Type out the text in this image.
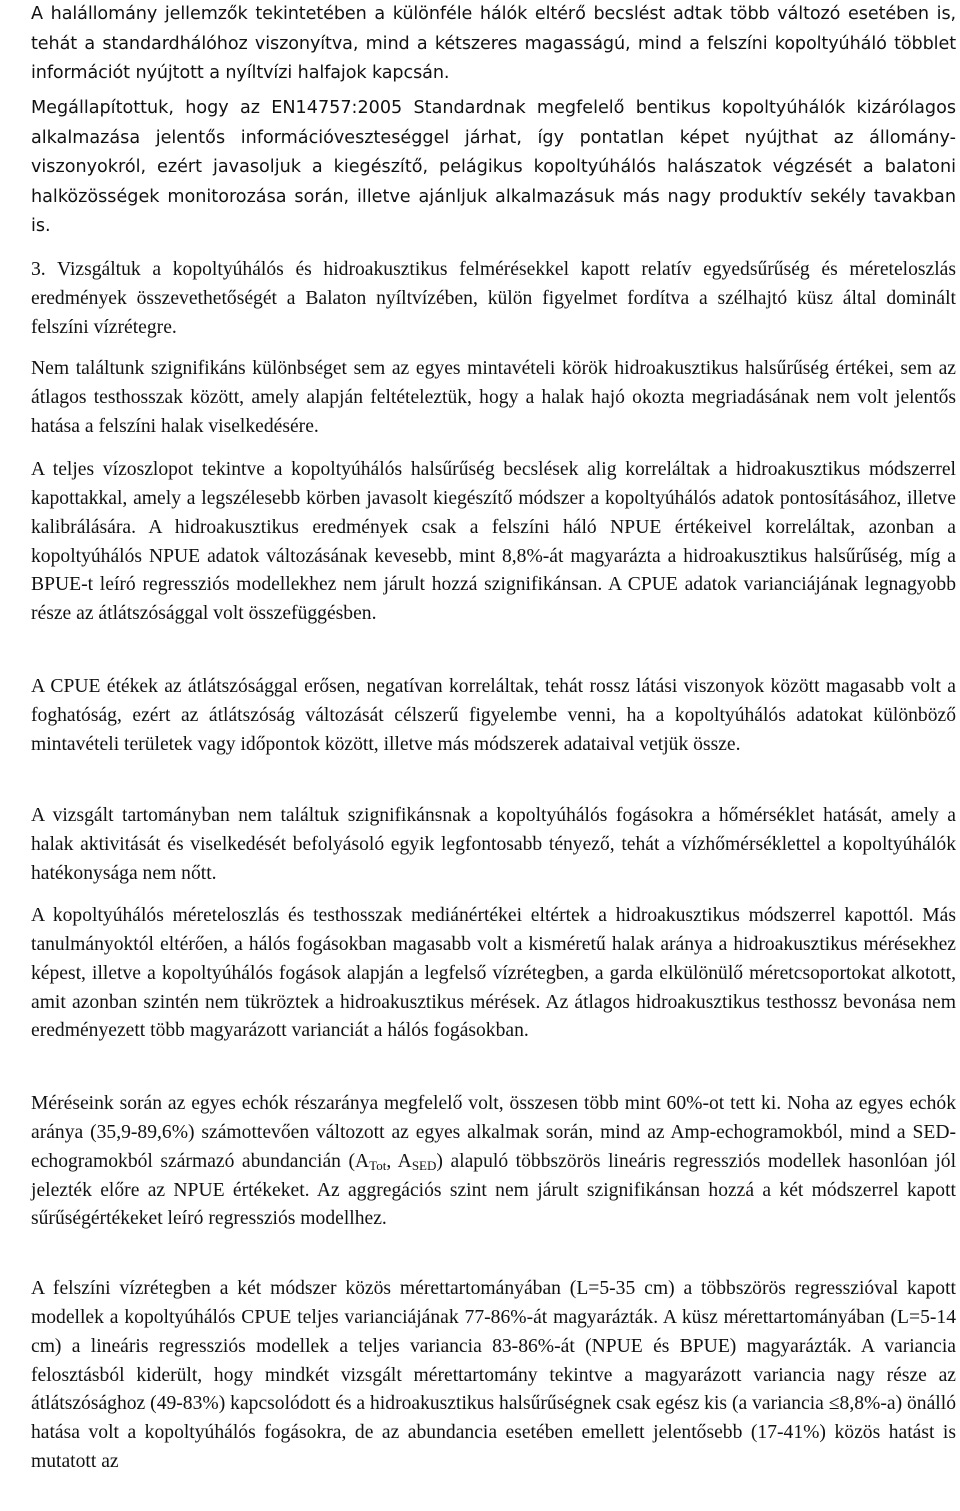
A halállomány jellemzők tekintetében a különféle hálók eltérő becslést adtak több változó esetében is, tehát a standardhálóhoz viszonyítva, mind a kétszeres magasságú, mind a felszíni kopoltyúháló többlet információt nyújtott a nyíltvízi halfajok kapcsán.

Megállapítottuk, hogy az EN14757:2005 Standardnak megfelelő bentikus kopoltyúhálók kizárólagos alkalmazása jelentős információveszteséggel járhat, így pontatlan képet nyújthat az állomány-viszonyokról, ezért javasoljuk a kiegészítő, pelágikus kopoltyúhálós halászatok végzését a balatoni halközösségek monitorozása során, illetve ajánljuk alkalmazásuk más nagy produktív sekély tavakban is.

3. Vizsgáltuk a kopoltyúhálós és hidroakusztikus felmérésekkel kapott relatív egyedsűrűség és méreteloszlás eredmények összevethetőségét a Balaton nyíltvízében, külön figyelmet fordítva a szélhajtó küsz által dominált felszíni vízrétegre.

Nem találtunk szignifikáns különbséget sem az egyes mintavételi körök hidroakusztikus halsűrűség értékei, sem az átlagos testhosszak között, amely alapján feltételeztük, hogy a halak hajó okozta megriadásának nem volt jelentős hatása a felszíni halak viselkedésére.

A teljes vízoszlopot tekintve a kopoltyúhálós halsűrűség becslések alig korreláltak a hidroakusztikus módszerrel kapottakkal, amely a legszélesebb körben javasolt kiegészítő módszer a kopoltyúhálós adatok pontosításához, illetve kalibrálására. A hidroakusztikus eredmények csak a felszíni háló NPUE értékeivel korreláltak, azonban a kopoltyúhálós NPUE adatok változásának kevesebb, mint 8,8%-át magyarázta a hidroakusztikus halsűrűség, míg a BPUE-t leíró regressziós modellekhez nem járult hozzá szignifikánsan. A CPUE adatok varianciájának legnagyobb része az átlátszósággal volt összefüggésben.

A CPUE étékek az átlátszósággal erősen, negatívan korreláltak, tehát rossz látási viszonyok között magasabb volt a foghatóság, ezért az átlátszóság változását célszerű figyelembe venni, ha a kopoltyúhálós adatokat különböző mintavételi területek vagy időpontok között, illetve más módszerek adataival vetjük össze.

A vizsgált tartományban nem találtuk szignifikánsnak a kopoltyúhálós fogásokra a hőmérséklet hatását, amely a halak aktivitását és viselkedését befolyásoló egyik legfontosabb tényező, tehát a vízhőmérséklettel a kopoltyúhálók hatékonysága nem nőtt.

A kopoltyúhálós méreteloszlás és testhosszak mediánértékei eltértek a hidroakusztikus módszerrel kapottól. Más tanulmányoktól eltérően, a hálós fogásokban magasabb volt a kisméretű halak aránya a hidroakusztikus mérésekhez képest, illetve a kopoltyúhálós fogások alapján a legfelső vízrétegben, a garda elkülönülő méretcsoportokat alkotott, amit azonban szintén nem tükröztek a hidroakusztikus mérések. Az átlagos hidroakusztikus testhossz bevonása nem eredményezett több magyarázott varianciát a hálós fogásokban.

Méréseink során az egyes echók részaránya megfelelő volt, összesen több mint 60%-ot tett ki. Noha az egyes echók aránya (35,9-89,6%) számottevően változott az egyes alkalmak során, mind az Amp-echogramokból, mind a SED-echogramokból származó abundancián ($A_{Tot}$, $A_{SED}$) alapuló többszörös lineáris regressziós modellek hasonlóan jól jelezték előre az NPUE értékeket. Az aggregációs szint nem járult szignifikánsan hozzá a két módszerrel kapott sűrűségértékeket leíró regressziós modellhez.

A felszíni vízrétegben a két módszer közös mérettartományában (L=5-35 cm) a többszörös regresszióval kapott modellek a kopoltyúhálós CPUE teljes varianciájának 77-86%-át magyarázták. A küsz mérettartományában (L=5-14 cm) a lineáris regressziós modellek a teljes variancia 83-86%-át (NPUE és BPUE) magyarázták. A variancia felosztásból kiderült, hogy mindkét vizsgált mérettartomány tekintve a magyarázott variancia nagy része az átlátszósághoz (49-83%) kapcsolódott és a hidroakusztikus halsűrűségnek csak egész kis (a variancia ≤8,8%-a) önálló hatása volt a kopoltyúhálós fogásokra, de az abundancia esetében emellett jelentősebb (17-41%) közös hatást is mutatott az
